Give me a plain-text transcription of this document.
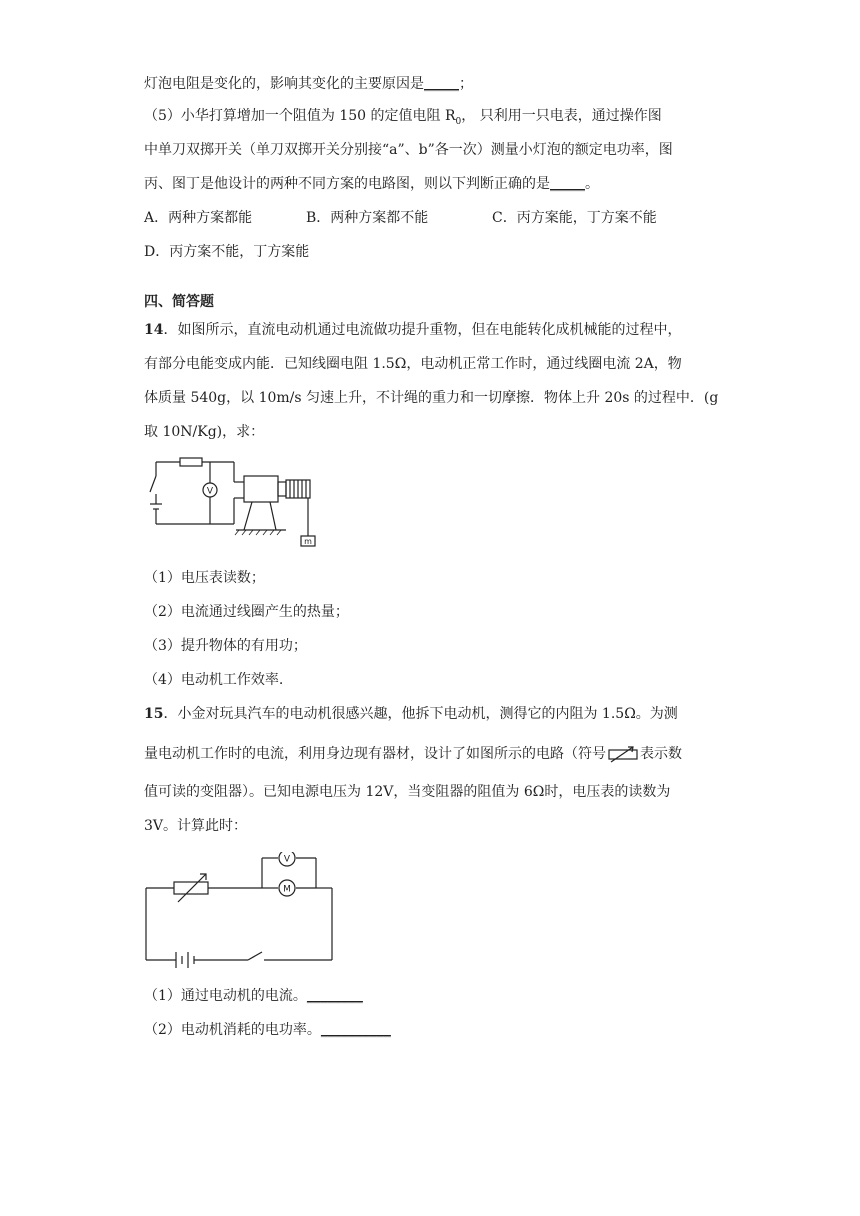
灯泡电阻是变化的，影响其变化的主要原因是_____；
（5）小华打算增加一个阻值为 150 的定值电阻 $R_0$， 只利用一只电表，通过操作图
中单刀双掷开关（单刀双掷开关分别接“a”、b”各一次）测量小灯泡的额定电功率，图
丙、图丁是他设计的两种不同方案的电路图，则以下判断正确的是_____。
A．两种方案都能	B．两种方案都不能	C．丙方案能，丁方案不能
D．丙方案不能，丁方案能
四、简答题
14．如图所示，直流电动机通过电流做功提升重物，但在电能转化成机械能的过程中，
有部分电能变成内能．已知线圈电阻 1.5Ω，电动机正常工作时，通过线圈电流 2A，物
体质量 540g，以 10m/s 匀速上升，不计绳的重力和一切摩擦．物体上升 20s 的过程中．(g
取 10N/Kg)，求：
V
m
（1）电压表读数；
（2）电流通过线圈产生的热量；
（3）提升物体的有用功；
（4）电动机工作效率.
15．小金对玩具汽车的电动机很感兴趣，他拆下电动机，测得它的内阻为 1.5Ω。为测
量电动机工作时的电流，利用身边现有器材，设计了如图所示的电路（符号 表示数
值可读的变阻器）。已知电源电压为 12V，当变阻器的阻值为 6Ω时，电压表的读数为
3V。计算此时：
V
M
（1）通过电动机的电流。________
（2）电动机消耗的电功率。__________
